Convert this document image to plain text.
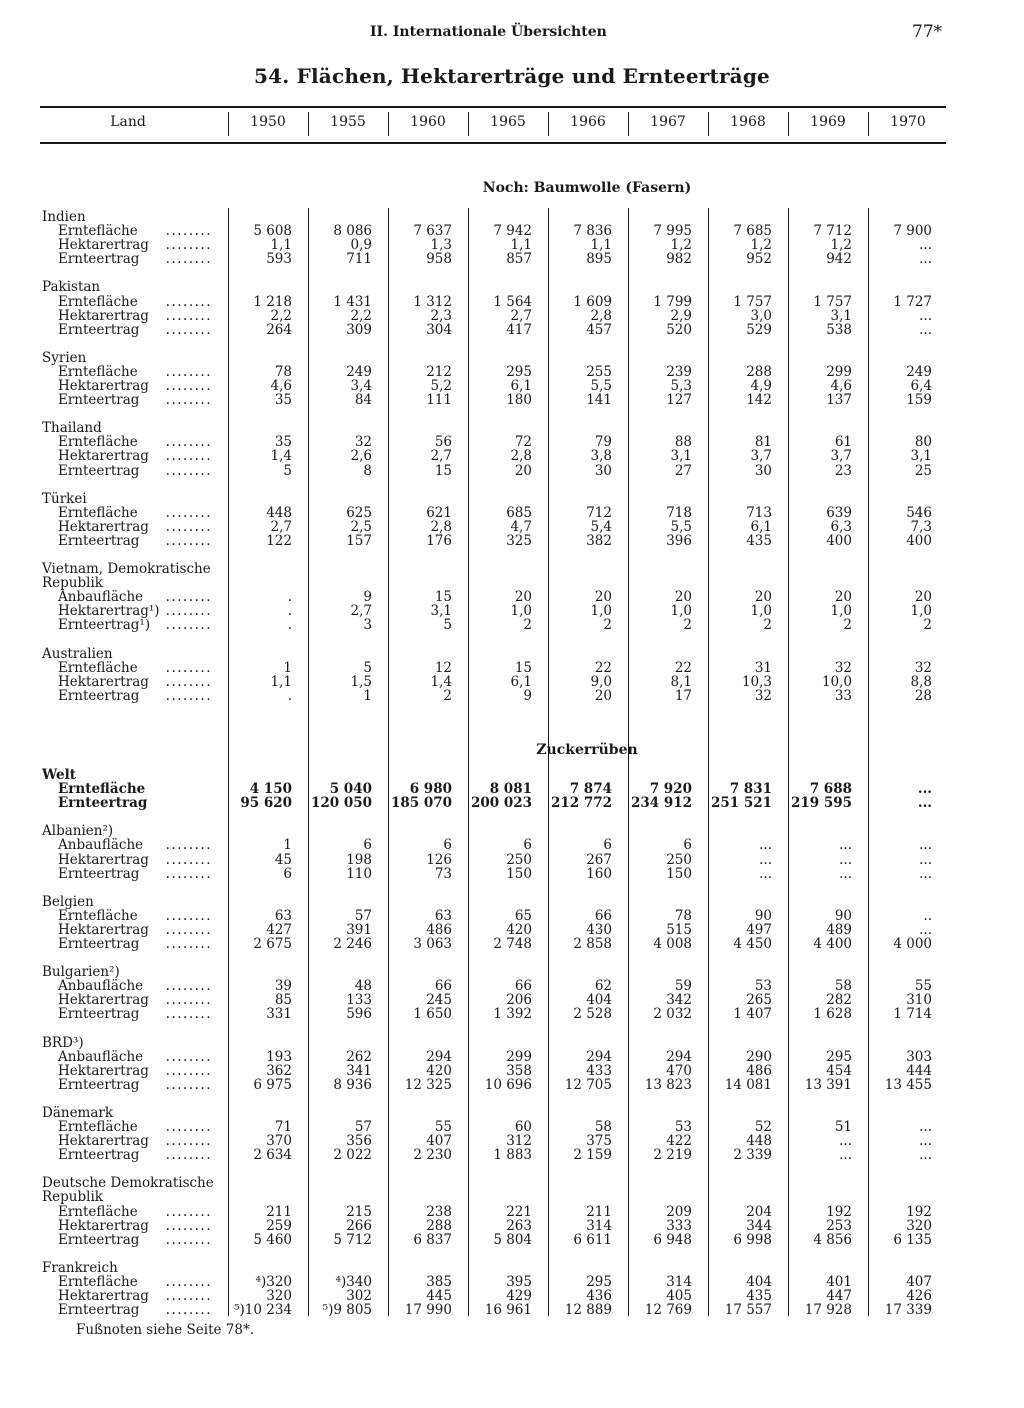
II. Internationale Übersichten	77*
54. Flächen, Hektarerträge und Ernteerträge
Land	1950	1955	1960	1965	1966	1967	1968	1969	1970
Noch: Baumwolle (Fasern)
Indien
Erntefläche	........	5 608	8 086	7 637	7 942	7 836	7 995	7 685	7 712	7 900
Hektarertrag	........	1,1	0,9	1,3	1,1	1,1	1,2	1,2	1,2	...
Ernteertrag	........	593	711	958	857	895	982	952	942	...
Pakistan
Erntefläche	........	1 218	1 431	1 312	1 564	1 609	1 799	1 757	1 757	1 727
Hektarertrag	........	2,2	2,2	2,3	2,7	2,8	2,9	3,0	3,1	...
Ernteertrag	........	264	309	304	417	457	520	529	538	...
Syrien
Erntefläche	........	78	249	212	295	255	239	288	299	249
Hektarertrag	........	4,6	3,4	5,2	6,1	5,5	5,3	4,9	4,6	6,4
Ernteertrag	........	35	84	111	180	141	127	142	137	159
Thailand
Erntefläche	........	35	32	56	72	79	88	81	61	80
Hektarertrag	........	1,4	2,6	2,7	2,8	3,8	3,1	3,7	3,7	3,1
Ernteertrag	........	5	8	15	20	30	27	30	23	25
Türkei
Erntefläche	........	448	625	621	685	712	718	713	639	546
Hektarertrag	........	2,7	2,5	2,8	4,7	5,4	5,5	6,1	6,3	7,3
Ernteertrag	........	122	157	176	325	382	396	435	400	400
Vietnam, Demokratische
Republik
Anbaufläche	........	.	9	15	20	20	20	20	20	20
Hektarertrag¹) ........	.	2,7	3,1	1,0	1,0	1,0	1,0	1,0	1,0
Ernteertrag¹)	........	.	3	5	2	2	2	2	2	2
Australien
Erntefläche	........	1	5	12	15	22	22	31	32	32
Hektarertrag	........	1,1	1,5	1,4	6,1	9,0	8,1	10,3	10,0	8,8
Ernteertrag	........	.	1	2	9	20	17	32	33	28
Zuckerrüben
Welt
Erntefläche	4 150	5 040	6 980	8 081	7 874	7 920	7 831	7 688	...
Ernteertrag	95 620	120 050	185 070	200 023	212 772	234 912	251 521	219 595	...
Albanien²)
Anbaufläche	........	1	6	6	6	6	6	...	...	...
Hektarertrag	........	45	198	126	250	267	250	...	...	...
Ernteertrag	........	6	110	73	150	160	150	...	...	...
Belgien
Erntefläche	........	63	57	63	65	66	78	90	90	..
Hektarertrag	........	427	391	486	420	430	515	497	489	...
Ernteertrag	........	2 675	2 246	3 063	2 748	2 858	4 008	4 450	4 400	4 000
Bulgarien²)
Anbaufläche	........	39	48	66	66	62	59	53	58	55
Hektarertrag	........	85	133	245	206	404	342	265	282	310
Ernteertrag	........	331	596	1 650	1 392	2 528	2 032	1 407	1 628	1 714
BRD³)
Anbaufläche	........	193	262	294	299	294	294	290	295	303
Hektarertrag	........	362	341	420	358	433	470	486	454	444
Ernteertrag	........	6 975	8 936	12 325	10 696	12 705	13 823	14 081	13 391	13 455
Dänemark
Erntefläche	........	71	57	55	60	58	53	52	51	...
Hektarertrag	........	370	356	407	312	375	422	448	...	...
Ernteertrag	........	2 634	2 022	2 230	1 883	2 159	2 219	2 339	...	...
Deutsche Demokratische
Republik
Erntefläche	........	211	215	238	221	211	209	204	192	192
Hektarertrag	........	259	266	288	263	314	333	344	253	320
Ernteertrag	........	5 460	5 712	6 837	5 804	6 611	6 948	6 998	4 856	6 135
Frankreich
Erntefläche	........	⁴)320	⁴)340	385	395	295	314	404	401	407
Hektarertrag	........	320	302	445	429	436	405	435	447	426
Ernteertrag	........	⁵)10 234	⁵)9 805	17 990	16 961	12 889	12 769	17 557	17 928	17 339
Fußnoten siehe Seite 78*.
